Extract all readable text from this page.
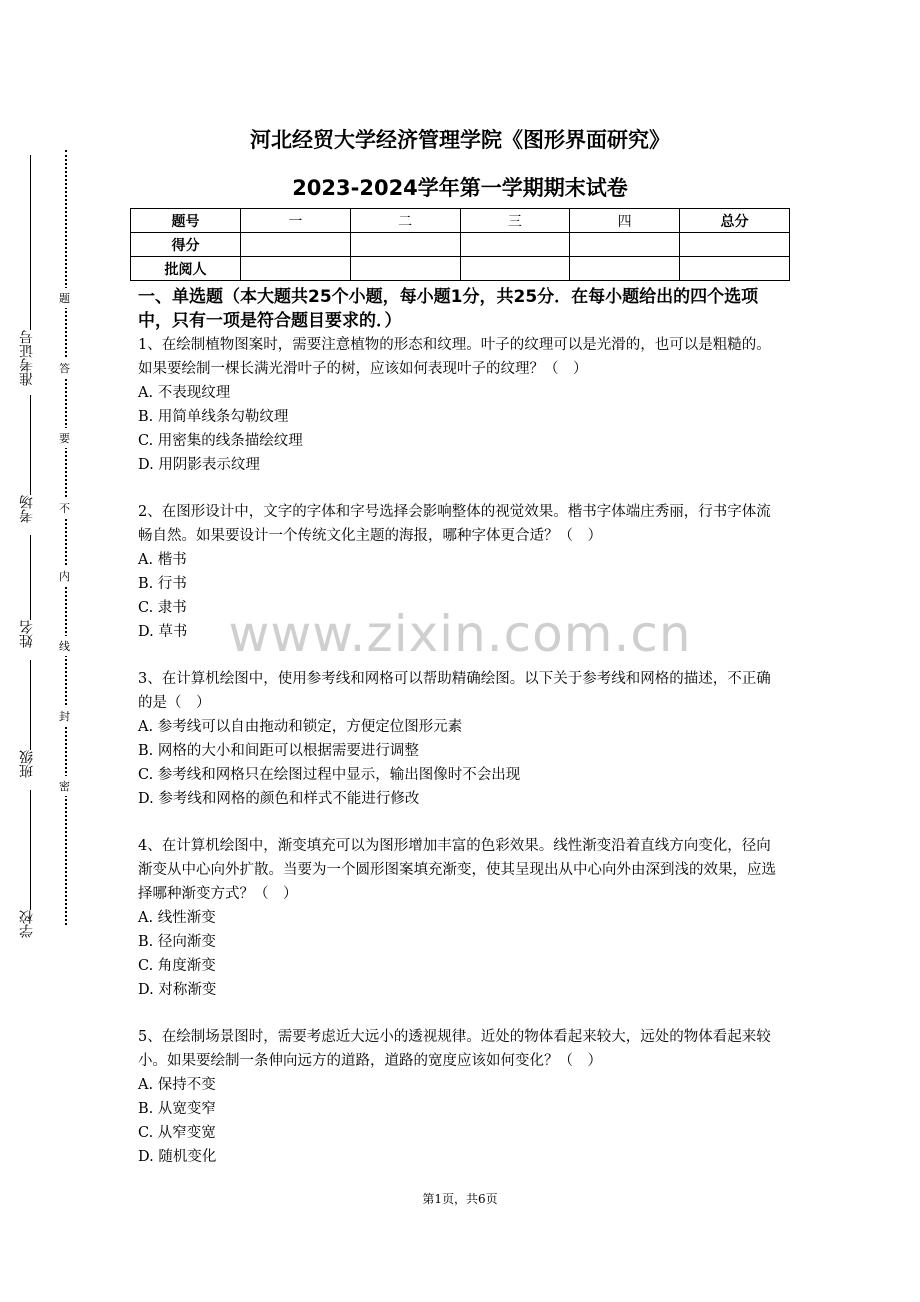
准考证号
考场
姓名
班级
学校
题
答
要
不
内
线
封
密
河北经贸大学经济管理学院《图形界面研究》
2023-2024学年第一学期期末试卷
题号	一	二	三	四	总分
得分					
批阅人					
www.zixin.com.cn
一、单选题（本大题共25个小题，每小题1分，共25分．在每小题给出的四个选项中，只有一项是符合题目要求的．）

1、在绘制植物图案时，需要注意植物的形态和纹理。叶子的纹理可以是光滑的，也可以是粗糙的。如果要绘制一棵长满光滑叶子的树，应该如何表现叶子的纹理？（　）

A. 不表现纹理

B. 用简单线条勾勒纹理

C. 用密集的线条描绘纹理

D. 用阴影表示纹理

2、在图形设计中，文字的字体和字号选择会影响整体的视觉效果。楷书字体端庄秀丽，行书字体流畅自然。如果要设计一个传统文化主题的海报，哪种字体更合适？（　）

A. 楷书

B. 行书

C. 隶书

D. 草书

3、在计算机绘图中，使用参考线和网格可以帮助精确绘图。以下关于参考线和网格的描述，不正确的是（　）

A. 参考线可以自由拖动和锁定，方便定位图形元素

B. 网格的大小和间距可以根据需要进行调整

C. 参考线和网格只在绘图过程中显示，输出图像时不会出现

D. 参考线和网格的颜色和样式不能进行修改

4、在计算机绘图中，渐变填充可以为图形增加丰富的色彩效果。线性渐变沿着直线方向变化，径向渐变从中心向外扩散。当要为一个圆形图案填充渐变，使其呈现出从中心向外由深到浅的效果，应选择哪种渐变方式？（　）

A. 线性渐变

B. 径向渐变

C. 角度渐变

D. 对称渐变

5、在绘制场景图时，需要考虑近大远小的透视规律。近处的物体看起来较大，远处的物体看起来较小。如果要绘制一条伸向远方的道路，道路的宽度应该如何变化？（　）

A. 保持不变

B. 从宽变窄

C. 从窄变宽

D. 随机变化

第1页，共6页
